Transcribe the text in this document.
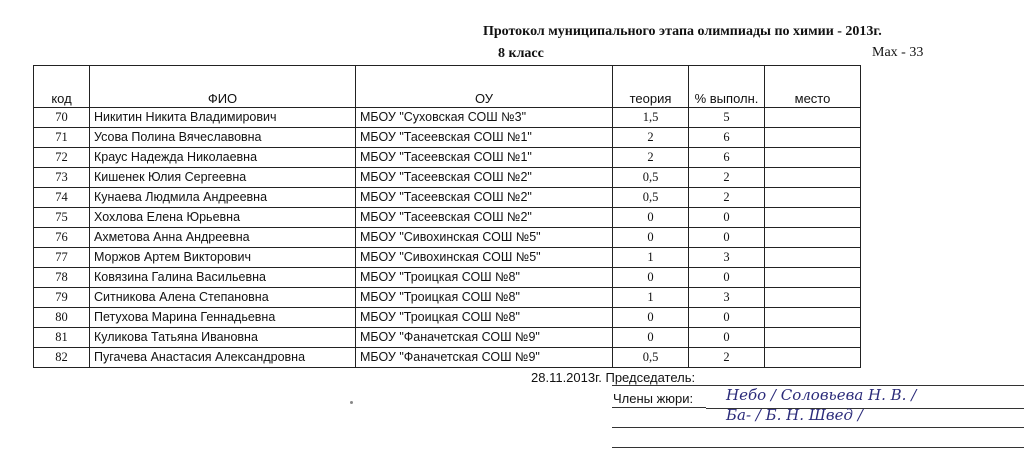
Протокол муниципального этапа олимпиады по химии - 2013г.
8 класс	Max - 33
код	ФИО	ОУ	теория	% выполн.	место
70	Никитин Никита Владимирович	МБОУ "Суховская СОШ №3"	1,5	5	
71	Усова Полина Вячеславовна	МБОУ "Тасеевская СОШ №1"	2	6	
72	Краус Надежда Николаевна	МБОУ "Тасеевская СОШ №1"	2	6	
73	Кишенек Юлия Сергеевна	МБОУ "Тасеевская СОШ №2"	0,5	2	
74	Кунаева Людмила Андреевна	МБОУ "Тасеевская СОШ №2"	0,5	2	
75	Хохлова Елена Юрьевна	МБОУ "Тасеевская СОШ №2"	0	0	
76	Ахметова Анна Андреевна	МБОУ "Сивохинская СОШ №5"	0	0	
77	Моржов Артем Викторович	МБОУ "Сивохинская СОШ №5"	1	3	
78	Ковязина Галина Васильевна	МБОУ "Троицкая СОШ №8"	0	0	
79	Ситникова Алена Степановна	МБОУ "Троицкая СОШ №8"	1	3	
80	Петухова Марина Геннадьевна	МБОУ "Троицкая СОШ №8"	0	0	
81	Куликова Татьяна Ивановна	МБОУ "Фаначетская СОШ №9"	0	0	
82	Пугачева Анастасия Александровна	МБОУ "Фаначетская СОШ №9"	0,5	2	
28.11.2013г. Председатель:
Члены жюри: Небо / Соловьева Н. В. /
Ба- / Б. Н. Швед /
